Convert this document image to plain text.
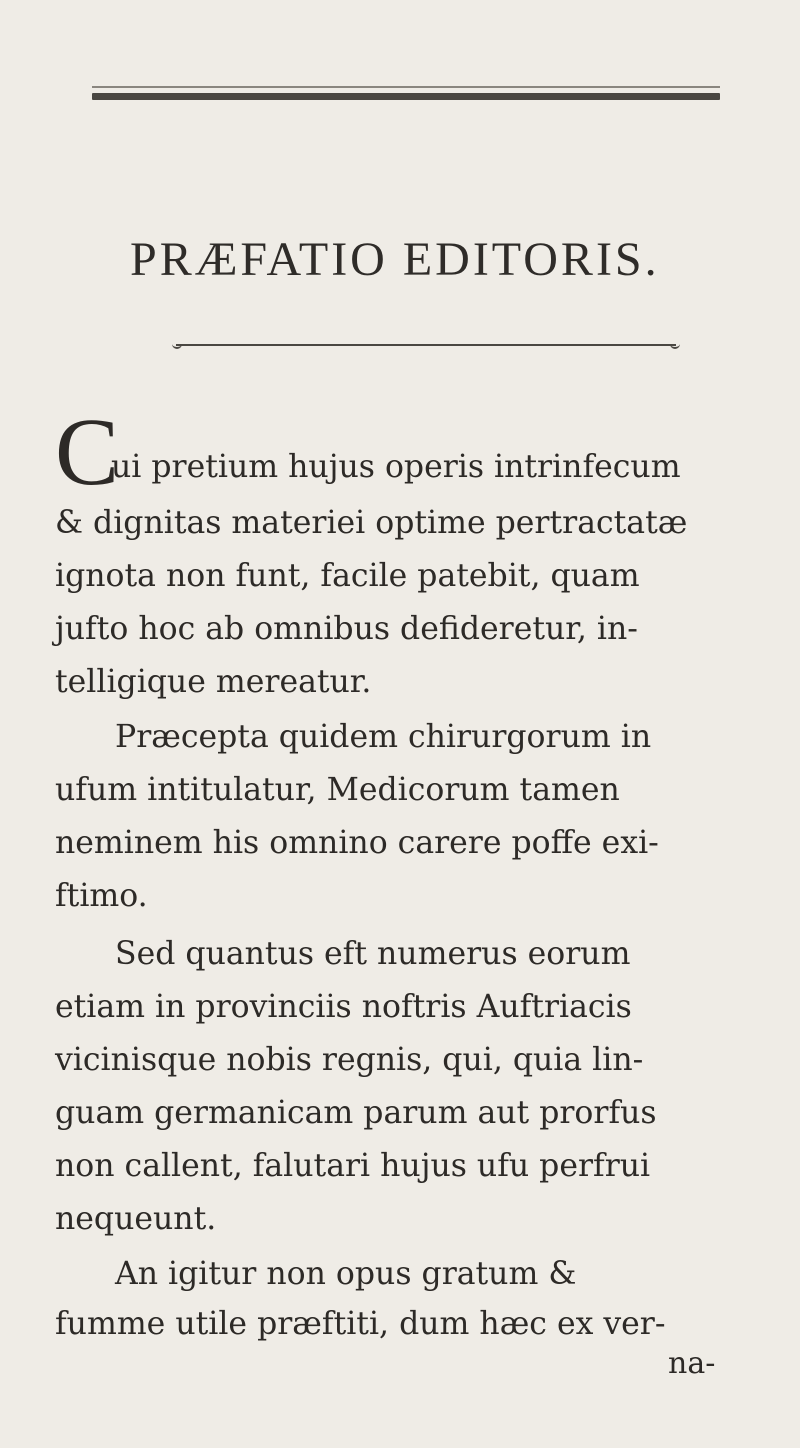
PRÆFATIO EDITORIS.
C
ui pretium hujus operis intrinfecum
& dignitas materiei optime pertractatæ
ignota non funt, facile patebit, quam
jufto hoc ab omnibus defideretur, in-
telligique mereatur.
Præcepta quidem chirurgorum in
ufum intitulatur, Medicorum tamen
neminem his omnino carere poffe exi-
ftimo.
Sed quantus eft numerus eorum
etiam in provinciis noftris Auftriacis
vicinisque nobis regnis, qui, quia lin-
guam germanicam parum aut prorfus
non callent, falutari hujus ufu perfrui
nequeunt.
An igitur non opus gratum &
fumme utile præftiti, dum hæc ex ver-
na-
